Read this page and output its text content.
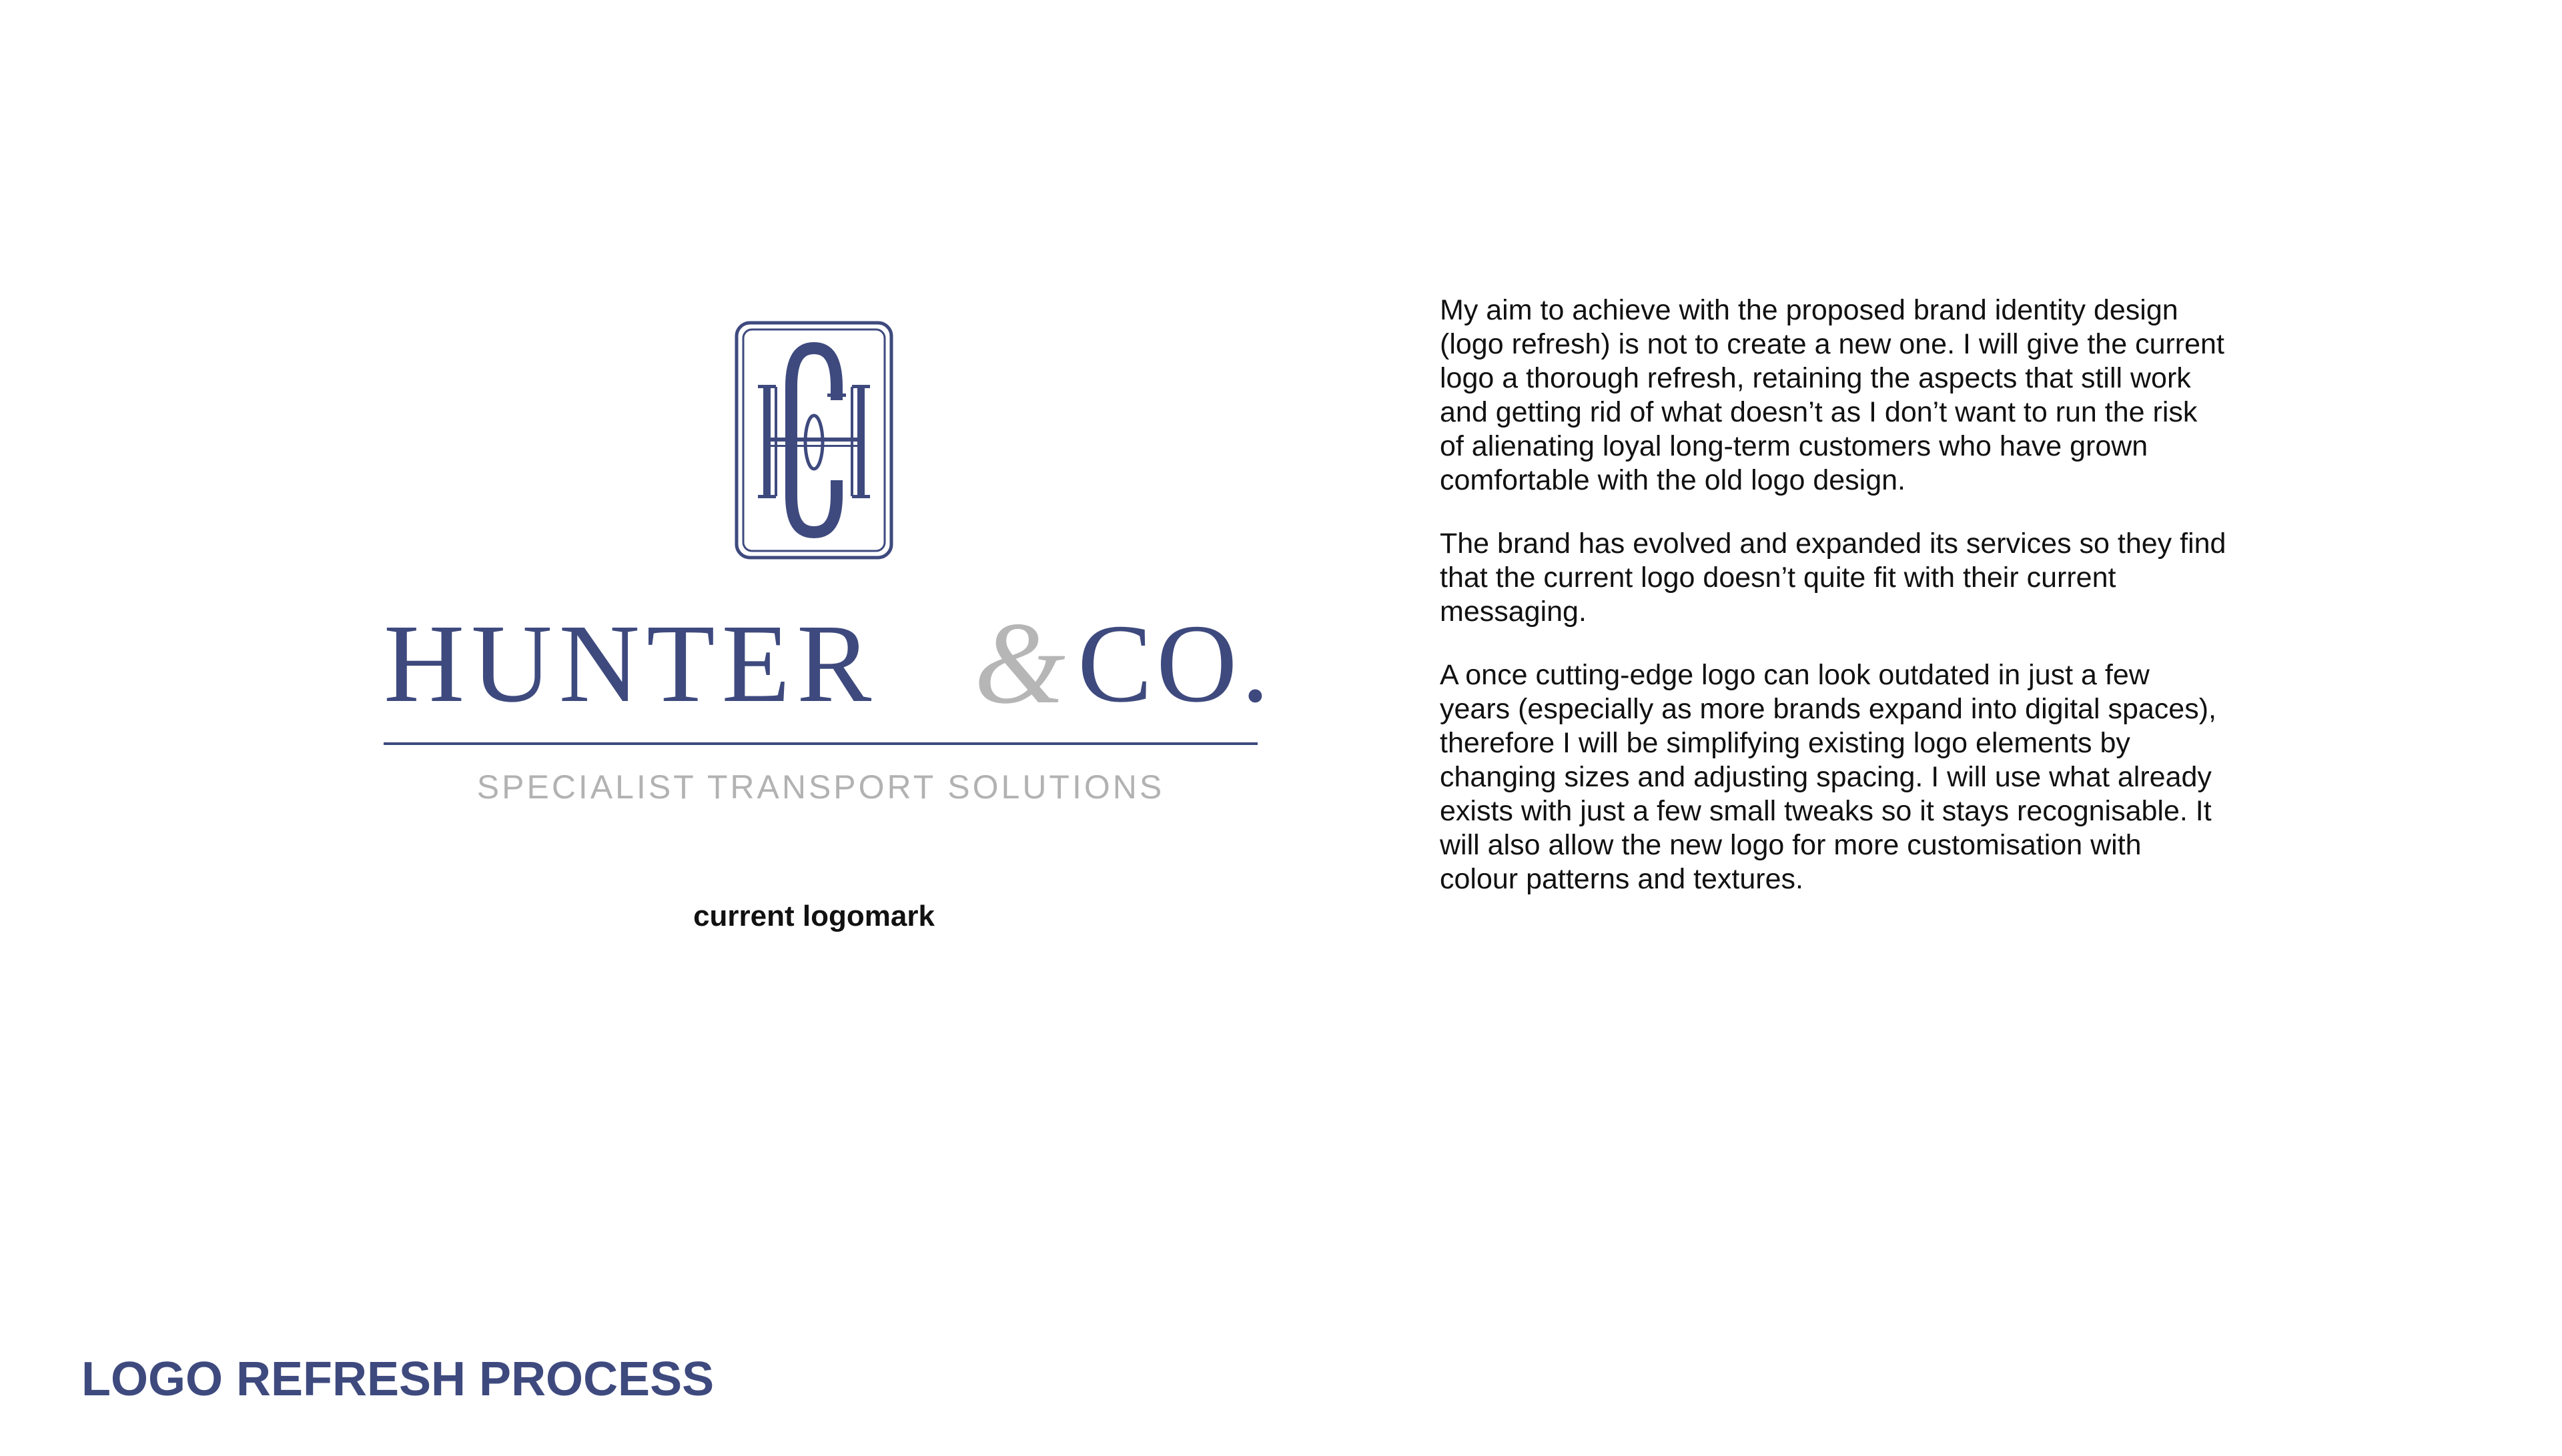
HUNTER & CO.
SPECIALIST TRANSPORT SOLUTIONS
current logomark

My aim to achieve with the proposed brand identity design (logo refresh) is not to create a new one. I will give the current logo a thorough refresh, retaining the aspects that still work and getting rid of what doesn’t as I don’t want to run the risk of alienating loyal long-term customers who have grown comfortable with the old logo design.

The brand has evolved and expanded its services so they find that the current logo doesn’t quite fit with their current messaging.

A once cutting-edge logo can look outdated in just a few years (especially as more brands expand into digital spaces), therefore I will be simplifying existing logo elements by changing sizes and adjusting spacing. I will use what already exists with just a few small tweaks so it stays recognisable. It will also allow the new logo for more customisation with colour patterns and textures.

LOGO REFRESH PROCESS
